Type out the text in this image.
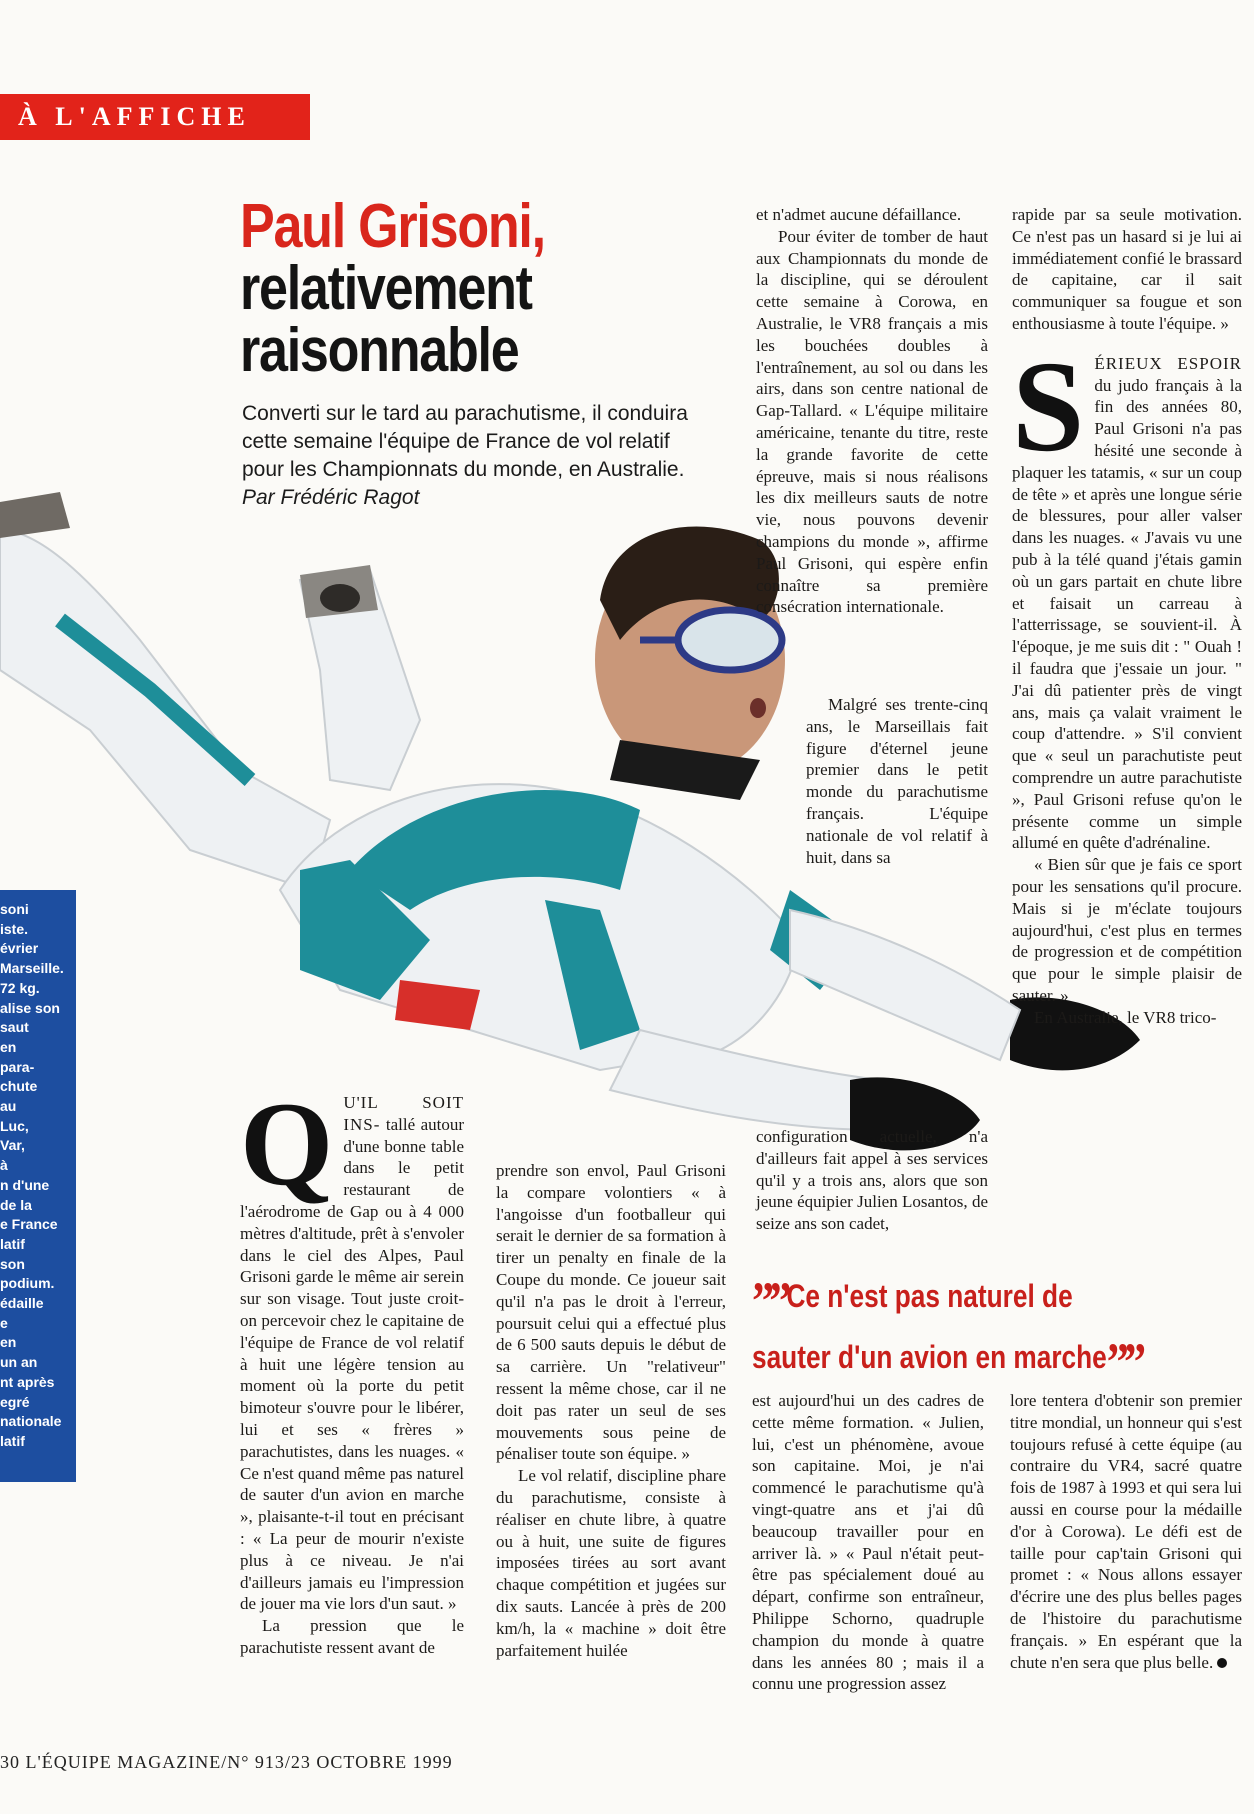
À L'AFFICHE
Paul Grisoni,
relativement
raisonnable
Converti sur le tard au parachutisme, il conduira cette semaine l'équipe de France de vol relatif pour les Championnats du monde, en Australie. Par Frédéric Ragot
soni
iste.
évrier
Marseille.
72 kg.
alise son
saut
en
para-
chute
au
Luc,
Var,
à
n d'une
de la
e France
latif
son
podium.
édaille
e
en
un an
nt après
egré
nationale
latif

Q U'IL SOIT INS- tallé autour d'une bonne table dans le petit restaurant de l'aérodrome de Gap ou à 4 000 mètres d'altitude, prêt à s'envoler dans le ciel des Alpes, Paul Grisoni garde le même air serein sur son visage. Tout juste croit-on percevoir chez le capitaine de l'équipe de France de vol relatif à huit une légère tension au moment où la porte du petit bimoteur s'ouvre pour le libérer, lui et ses « frères » parachutistes, dans les nuages. « Ce n'est quand même pas naturel de sauter d'un avion en marche », plaisante-t-il tout en précisant : « La peur de mourir n'existe plus à ce niveau. Je n'ai d'ailleurs jamais eu l'impression de jouer ma vie lors d'un saut. »

La pression que le parachutiste ressent avant de

prendre son envol, Paul Grisoni la compare volontiers « à l'angoisse d'un footballeur qui serait le dernier de sa formation à tirer un penalty en finale de la Coupe du monde. Ce joueur sait qu'il n'a pas le droit à l'erreur, poursuit celui qui a effectué plus de 6 500 sauts depuis le début de sa carrière. Un "relativeur" ressent la même chose, car il ne doit pas rater un seul de ses mouvements sous peine de pénaliser toute son équipe. »

Le vol relatif, discipline phare du parachutisme, consiste à réaliser en chute libre, à quatre ou à huit, une suite de figures imposées tirées au sort avant chaque compétition et jugées sur dix sauts. Lancée à près de 200 km/h, la « machine » doit être parfaitement huilée

et n'admet aucune défaillance.

Pour éviter de tomber de haut aux Championnats du monde de la discipline, qui se déroulent cette semaine à Corowa, en Australie, le VR8 français a mis les bouchées doubles à l'entraînement, au sol ou dans les airs, dans son centre national de Gap-Tallard. « L'équipe militaire américaine, tenante du titre, reste la grande favorite de cette épreuve, mais si nous réalisons les dix meilleurs sauts de notre vie, nous pouvons devenir champions du monde », affirme Paul Grisoni, qui espère enfin connaître sa première consécration internationale.

Malgré ses trente-cinq ans, le Marseillais fait figure d'éternel jeune premier dans le petit monde du parachutisme français. L'équipe nationale de vol relatif à huit, dans sa

configuration actuelle, n'a d'ailleurs fait appel à ses services qu'il y a trois ans, alors que son jeune équipier Julien Losantos, de seize ans son cadet,

””Ce n'est pas naturel de
sauter d'un avion en marche””

est aujourd'hui un des cadres de cette même formation. « Julien, lui, c'est un phénomène, avoue son capitaine. Moi, je n'ai commencé le parachutisme qu'à vingt-quatre ans et j'ai dû beaucoup travailler pour en arriver là. » « Paul n'était peut-être pas spécialement doué au départ, confirme son entraîneur, Philippe Schorno, quadruple champion du monde à quatre dans les années 80 ; mais il a connu une progression assez

rapide par sa seule motivation. Ce n'est pas un hasard si je lui ai immédiatement confié le brassard de capitaine, car il sait communiquer sa fougue et son enthousiasme à toute l'équipe. »

SÉRIEUX ESPOIR du judo français à la fin des années 80, Paul Grisoni n'a pas hésité une seconde à plaquer les tatamis, « sur un coup de tête » et après une longue série de blessures, pour aller valser dans les nuages. « J'avais vu une pub à la télé quand j'étais gamin où un gars partait en chute libre et faisait un carreau à l'atterrissage, se souvient-il. À l'époque, je me suis dit : " Ouah ! il faudra que j'essaie un jour. " J'ai dû patienter près de vingt ans, mais ça valait vraiment le coup d'attendre. » S'il convient que « seul un parachutiste peut comprendre un autre parachutiste », Paul Grisoni refuse qu'on le présente comme un simple allumé en quête d'adrénaline.

« Bien sûr que je fais ce sport pour les sensations qu'il procure. Mais si je m'éclate toujours aujourd'hui, c'est plus en termes de progression et de compétition que pour le simple plaisir de sauter. »

En Australie, le VR8 trico-

lore tentera d'obtenir son premier titre mondial, un honneur qui s'est toujours refusé à cette équipe (au contraire du VR4, sacré quatre fois de 1987 à 1993 et qui sera lui aussi en course pour la médaille d'or à Corowa). Le défi est de taille pour cap'tain Grisoni qui promet : « Nous allons essayer d'écrire une des plus belles pages de l'histoire du parachutisme français. » En espérant que la chute n'en sera que plus belle.

30 L'ÉQUIPE MAGAZINE/N° 913/23 OCTOBRE 1999
